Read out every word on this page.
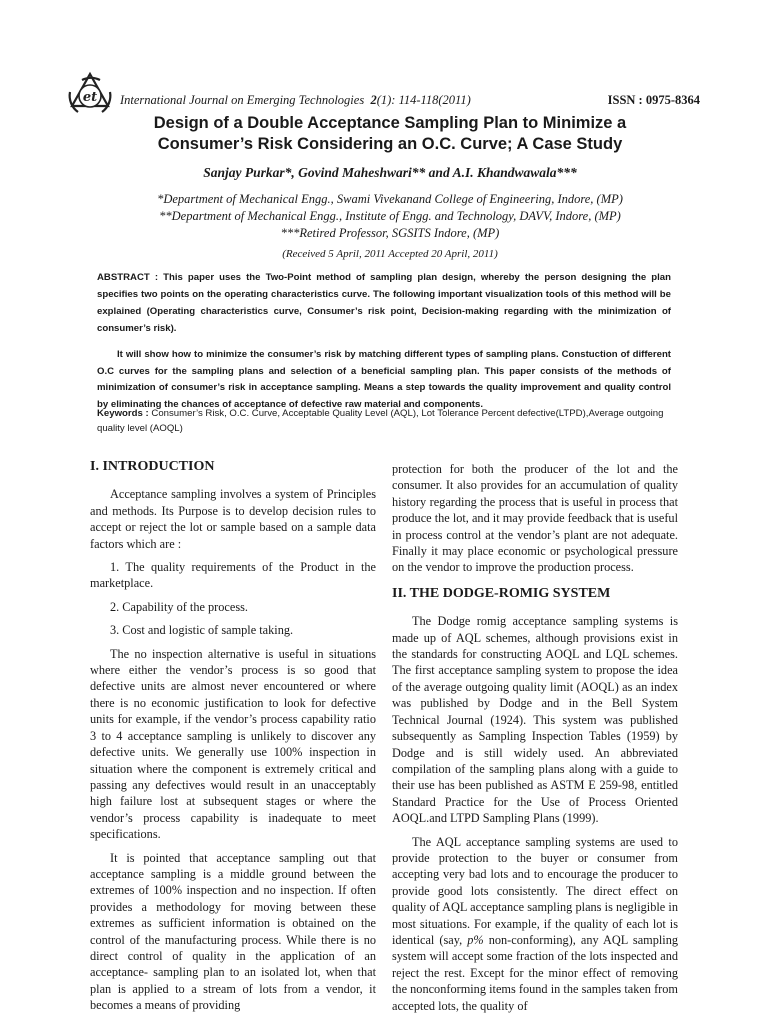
et International Journal on Emerging Technologies 2(1): 114-118(2011)	ISSN : 0975-8364
Design of a Double Acceptance Sampling Plan to Minimize a
Consumer’s Risk Considering an O.C. Curve; A Case Study
Sanjay Purkar*, Govind Maheshwari** and A.I. Khandwawala***
*Department of Mechanical Engg., Swami Vivekanand College of Engineering, Indore, (MP)
**Department of Mechanical Engg., Institute of Engg. and Technology, DAVV, Indore, (MP)
***Retired Professor, SGSITS Indore, (MP)
(Received 5 April, 2011 Accepted 20 April, 2011)

ABSTRACT : This paper uses the Two-Point method of sampling plan design, whereby the person designing the plan specifies two points on the operating characteristics curve. The following important visualization tools of this method will be explained (Operating characteristics curve, Consumer’s risk point, Decision-making regarding with the minimization of consumer’s risk).

It will show how to minimize the consumer’s risk by matching different types of sampling plans. Constuction of different O.C curves for the sampling plans and selection of a beneficial sampling plan. This paper consists of the methods of minimization of consumer’s risk in acceptance sampling. Means a step towards the quality improvement and quality control by eliminating the chances of acceptance of defective raw material and components.

Keywords : Consumer’s Risk, O.C. Curve, Acceptable Quality Level (AQL), Lot Tolerance Percent defective(LTPD),Average outgoing quality level (AOQL)
I. INTRODUCTION

Acceptance sampling involves a system of Principles and methods. Its Purpose is to develop decision rules to accept or reject the lot or sample based on a sample data factors which are :

1. The quality requirements of the Product in the marketplace.

2. Capability of the process.

3. Cost and logistic of sample taking.

The no inspection alternative is useful in situations where either the vendor’s process is so good that defective units are almost never encountered or where there is no economic justification to look for defective units for example, if the vendor’s process capability ratio 3 to 4 acceptance sampling is unlikely to discover any defective units. We generally use 100% inspection in situation where the component is extremely critical and passing any defectives would result in an unacceptably high failure lost at subsequent stages or where the vendor’s process capability is inadequate to meet specifications.

It is pointed that acceptance sampling out that acceptance sampling is a middle ground between the extremes of 100% inspection and no inspection. If often provides a methodology for moving between these extremes as sufficient information is obtained on the control of the manufacturing process. While there is no direct control of quality in the application of an acceptance- sampling plan to an isolated lot, when that plan is applied to a stream of lots from a vendor, it becomes a means of providing

protection for both the producer of the lot and the consumer. It also provides for an accumulation of quality history regarding the process that is useful in process that produce the lot, and it may provide feedback that is useful in process control at the vendor’s plant are not adequate. Finally it may place economic or psychological pressure on the vendor to improve the production process.

II. THE DODGE-ROMIG SYSTEM

The Dodge romig acceptance sampling systems is made up of AQL schemes, although provisions exist in the standards for constructing AOQL and LQL schemes. The first acceptance sampling system to propose the idea of the average outgoing quality limit (AOQL) as an index was published by Dodge and in the Bell System Technical Journal (1924). This system was published subsequently as Sampling Inspection Tables (1959) by Dodge and is still widely used. An abbreviated compilation of the sampling plans along with a guide to their use has been published as ASTM E 259-98, entitled Standard Practice for the Use of Process Oriented AOQL.and LTPD Sampling Plans (1999).

The AQL acceptance sampling systems are used to provide protection to the buyer or consumer from accepting very bad lots and to encourage the producer to provide good lots consistently. The direct effect on quality of AQL acceptance sampling plans is negligible in most situations. For example, if the quality of each lot is identical (say, p% non-conforming), any AQL sampling system will accept some fraction of the lots inspected and reject the rest. Except for the minor effect of removing the nonconforming items found in the samples taken from accepted lots, the quality of
